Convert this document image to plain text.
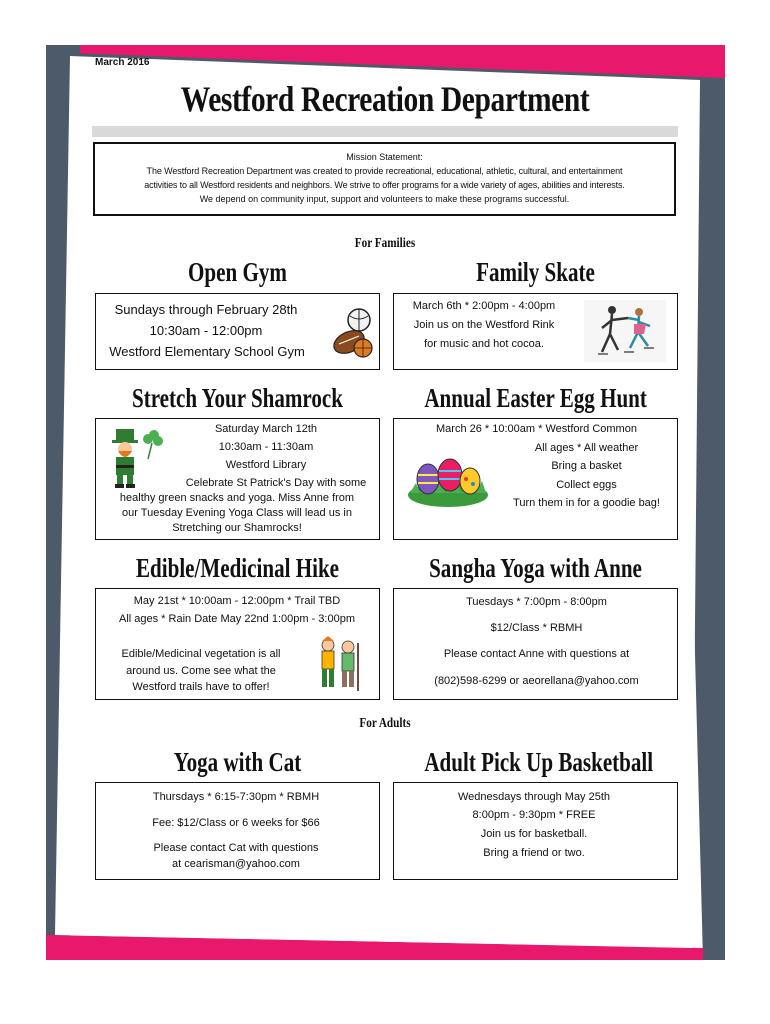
March 2016
Westford Recreation Department
Mission Statement:
The Westford Recreation Department was created to provide recreational, educational, athletic, cultural, and entertainment
activities to all Westford residents and neighbors. We strive to offer programs for a wide variety of ages, abilities and interests.
We depend on community input, support and volunteers to make these programs successful.
For Families
Open Gym
Sundays through February 28th
10:30am - 12:00pm
Westford Elementary School Gym
Family Skate
March 6th * 2:00pm - 4:00pm
Join us on the Westford Rink
for music and hot cocoa.
Stretch Your Shamrock
Saturday March 12th
10:30am - 11:30am
Westford Library
Celebrate St Patrick's Day with some
healthy green snacks and yoga. Miss Anne from
our Tuesday Evening Yoga Class will lead us in
Stretching our Shamrocks!
Annual Easter Egg Hunt
March 26 * 10:00am * Westford Common
All ages * All weather
Bring a basket
Collect eggs
Turn them in for a goodie bag!
Edible/Medicinal Hike
May 21st * 10:00am - 12:00pm * Trail TBD
All ages * Rain Date May 22nd 1:00pm - 3:00pm
Edible/Medicinal vegetation is all
around us. Come see what the
Westford trails have to offer!
Sangha Yoga with Anne
Tuesdays * 7:00pm - 8:00pm
$12/Class * RBMH
Please contact Anne with questions at
(802)598-6299 or aeorellana@yahoo.com
For Adults
Yoga with Cat
Thursdays * 6:15-7:30pm * RBMH
Fee: $12/Class or 6 weeks for $66
Please contact Cat with questions
at cearisman@yahoo.com
Adult Pick Up Basketball
Wednesdays through May 25th
8:00pm - 9:30pm * FREE
Join us for basketball.
Bring a friend or two.
